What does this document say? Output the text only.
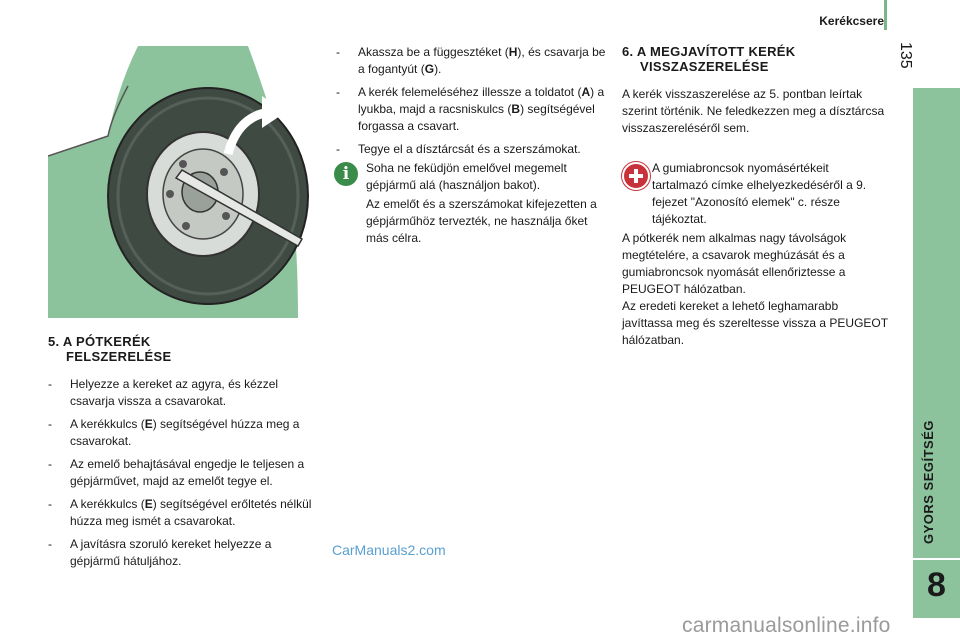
Kerékcsere
135
GYORS SEGÍTSÉG
8
5. A PÓTKERÉK
FELSZERELÉSE
- Helyezze a kereket az agyra, és kézzel csavarja vissza a csavarokat.
- A kerékkulcs (E) segítségével húzza meg a csavarokat.
- Az emelő behajtásával engedje le teljesen a gépjárművet, majd az emelőt tegye el.
- A kerékkulcs (E) segítségével erőltetés nélkül húzza meg ismét a csavarokat.
- A javításra szoruló kereket helyezze a gépjármű hátuljához.
- Akassza be a függesztéket (H), és csavarja be a fogantyút (G).
- A kerék felemeléséhez illessze a toldatot (A) a lyukba, majd a racsniskulcs (B) segítségével forgassa a csavart.
- Tegye el a dísztárcsát és a szerszámokat.
i	Soha ne feküdjön emelővel megemelt gépjármű alá (használjon bakot).

Az emelőt és a szerszámokat kifejezetten a gépjárműhöz tervezték, ne használja őket más célra.

6. A MEGJAVÍTOTT KERÉK
VISSZASZERELÉSE

A kerék visszaszerelése az 5. pontban leírtak szerint történik. Ne feledkezzen meg a dísztárcsa visszaszereléséről sem.

A gumiabroncsok nyomásértékeit tartalmazó címke elhelyezkedéséről a 9. fejezet "Azonosító elemek" c. része tájékoztat.

A pótkerék nem alkalmas nagy távolságok megtételére, a csavarok meghúzását és a gumiabroncsok nyomását ellenőriztesse a PEUGEOT hálózatban.

Az eredeti kereket a lehető leghamarabb javíttassa meg és szereltesse vissza a PEUGEOT hálózatban.

CarManuals2.com
carmanualsonline.info
